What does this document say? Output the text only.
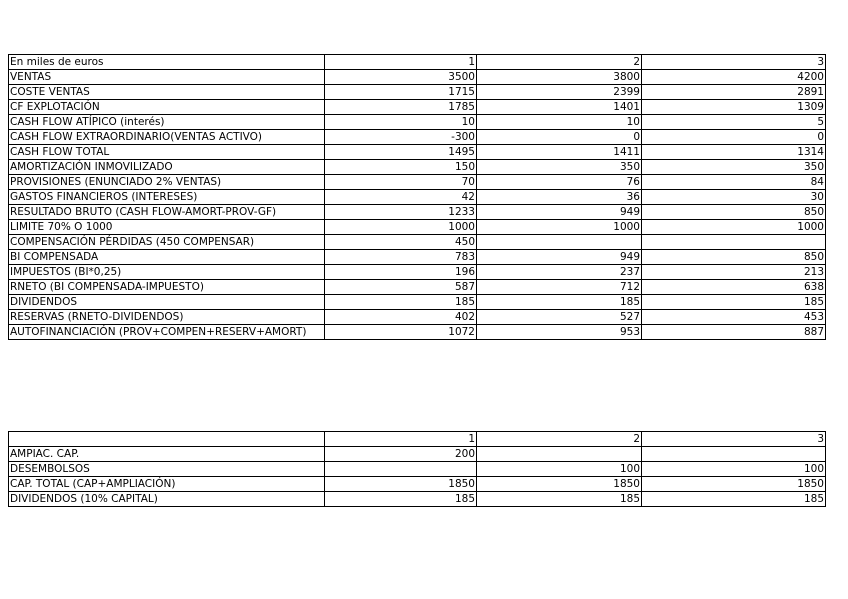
En miles de euros	1	2	3
VENTAS	3500	3800	4200
COSTE VENTAS	1715	2399	2891
CF EXPLOTACIÓN	1785	1401	1309
CASH FLOW ATÍPICO (interés)	10	10	5
CASH FLOW EXTRAORDINARIO(VENTAS ACTIVO)	-300	0	0
CASH FLOW TOTAL	1495	1411	1314
AMORTIZACIÓN INMOVILIZADO	150	350	350
PROVISIONES (ENUNCIADO 2% VENTAS)	70	76	84
GASTOS FINANCIEROS (INTERESES)	42	36	30
RESULTADO BRUTO (CASH FLOW-AMORT-PROV-GF)	1233	949	850
LIMITE 70% O 1000	1000	1000	1000
COMPENSACIÓN PÉRDIDAS (450 COMPENSAR)	450		
BI COMPENSADA	783	949	850
IMPUESTOS (BI*0,25)	196	237	213
RNETO (BI COMPENSADA-IMPUESTO)	587	712	638
DIVIDENDOS	185	185	185
RESERVAS (RNETO-DIVIDENDOS)	402	527	453
AUTOFINANCIACIÓN (PROV+COMPEN+RESERV+AMORT)	1072	953	887
	1	2	3
AMPIAC. CAP.	200		
DESEMBOLSOS		100	100
CAP. TOTAL (CAP+AMPLIACIÓN)	1850	1850	1850
DIVIDENDOS (10% CAPITAL)	185	185	185
